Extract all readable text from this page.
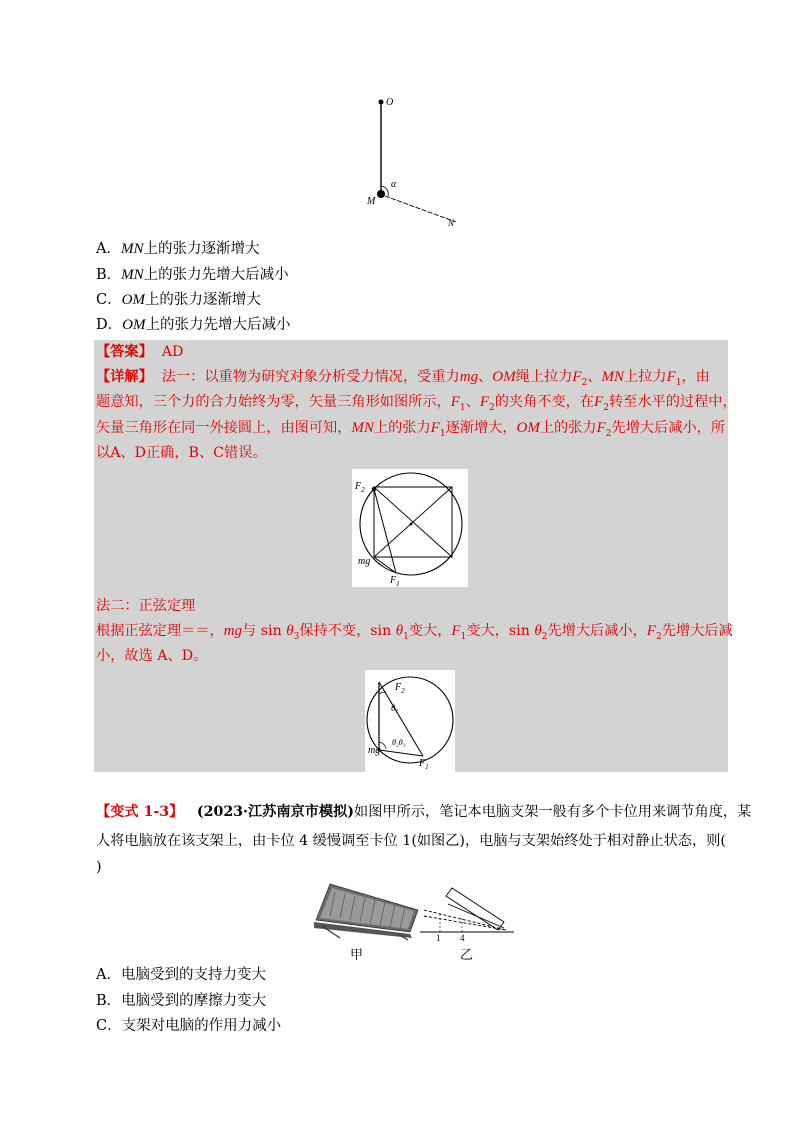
O
α
M
N
A．MN上的张力逐渐增大
B．MN上的张力先增大后减小
C．OM上的张力逐渐增大
D．OM上的张力先增大后减小
【答案】 AD
【详解】 法一：以重物为研究对象分析受力情况，受重力mg、OM绳上拉力$F_2$、MN上拉力$F_1$，由
题意知，三个力的合力始终为零，矢量三角形如图所示，$F_1$、$F_2$的夹角不变，在$F_2$转至水平的过程中，
矢量三角形在同一外接圆上，由图可知，MN上的张力$F_1$逐渐增大，OM上的张力$F_2$先增大后减小，所
以A、D正确，B、C错误。
$F_2$
mg
$F_1$
法二：正弦定理
根据正弦定理＝＝，mg与 $\sin \theta_3$保持不变，$\sin \theta_1$变大，$F_1$变大，$\sin \theta_2$先增大后减小，$F_2$先增大后减
小，故选 A、D。
$F_2$
$\theta_1$
θ₂θ₃
mg
$F_1$
【变式 1-3】 (2023·江苏南京市模拟)如图甲所示，笔记本电脑支架一般有多个卡位用来调节角度，某
人将电脑放在该支架上，由卡位 4 缓慢调至卡位 1(如图乙)，电脑与支架始终处于相对静止状态，则(
)
甲
1 4
乙
A．电脑受到的支持力变大
B．电脑受到的摩擦力变大
C．支架对电脑的作用力减小
